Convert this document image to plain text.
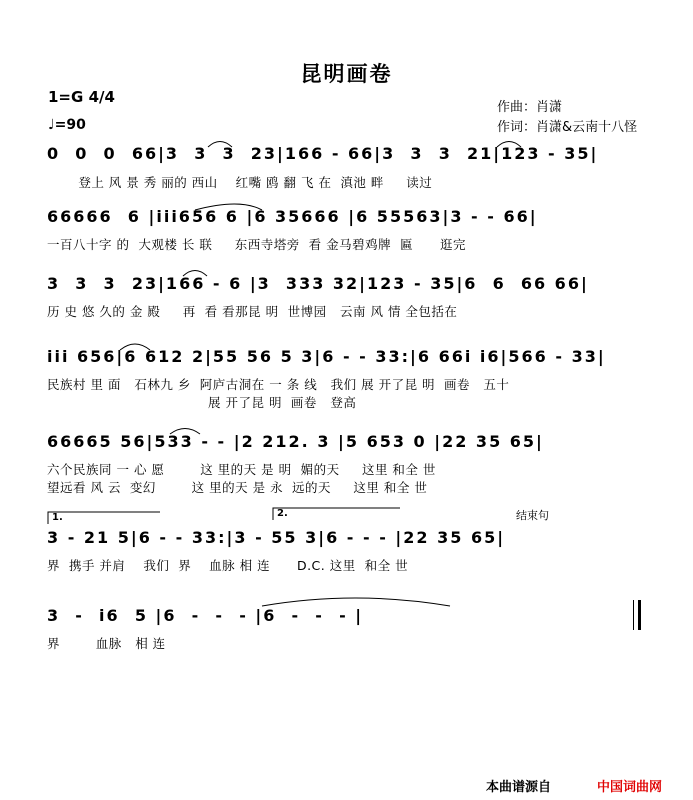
昆明画卷
1=G 4/4
♩=90
作曲：肖潇
作词：肖潇&云南十八怪
0  0  0  66|3  3  3  23|166 - 66|3  3  3  21|123 - 35|
登上 风 景 秀 丽的 西山    红嘴 鸥 翻 飞 在  滇池 畔     读过
66666  6 |iii656 6 |6 35666 |6 55563|3 - - 66|
一百八十字 的  大观楼 长 联     东西寺塔旁  看 金马碧鸡牌  匾      逛完
3  3  3  23|166 - 6 |3  333 32|123 - 35|6  6  66 66|
历 史 悠 久的 金 殿     再  看 看那昆 明  世博园   云南 风 情 全包括在
iii 656|6 612 2|55 56 5 3|6 - - 33:|6 66i i6|566 - 33|
民族村 里 面   石林九 乡  阿庐古洞在 一 条 线   我们 展 开了昆 明  画卷   五十
展 开了昆 明  画卷   登高
66665 56|533 - - |2 212. 3 |5 653 0 |22 35 65|
六个民族同 一 心 愿        这 里的天 是 明  媚的天     这里 和全 世
望远看 风 云  变幻        这 里的天 是 永  远的天     这里 和全 世
1.	2.	结束句
3 - 21 5|6 - - 33:|3 - 55 3|6 - - - |22 35 65|
界  携手 并肩    我们  界    血脉 相 连      D.C. 这里  和全 世
3  -  i6  5 |6  -  -  - |6  -  -  - |
界        血脉   相 连
本曲谱源自	中国词曲网
